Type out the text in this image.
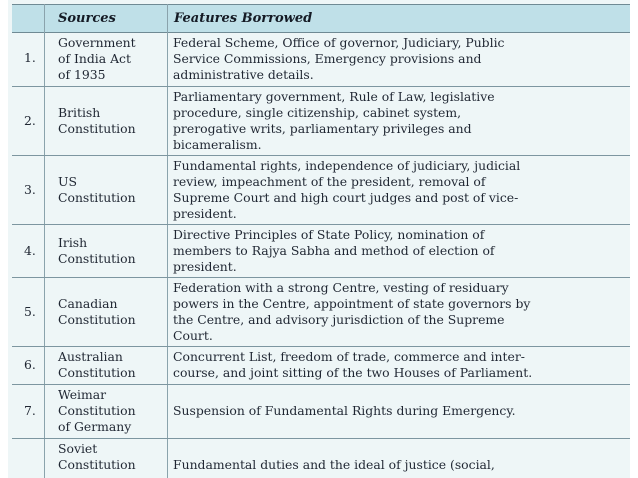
Sources	Features Borrowed
1.
Government
of India Act
of 1935
Federal Scheme, Office of governor, Judiciary, Public
Service Commissions, Emergency provisions and
administrative details.
2.
British
Constitution
Parliamentary government, Rule of Law, legislative
procedure, single citizenship, cabinet system,
prerogative writs, parliamentary privileges and
bicameralism.
3.
US
Constitution
Fundamental rights, independence of judiciary, judicial
review, impeachment of the president, removal of
Supreme Court and high court judges and post of vice-
president.
4.
Irish
Constitution
Directive Principles of State Policy, nomination of
members to Rajya Sabha and method of election of
president.
5.
Canadian
Constitution
Federation with a strong Centre, vesting of residuary
powers in the Centre, appointment of state governors by
the Centre, and advisory jurisdiction of the Supreme
Court.
6.
Australian
Constitution
Concurrent List, freedom of trade, commerce and inter-
course, and joint sitting of the two Houses of Parliament.
7.
Weimar
Constitution
of Germany
Suspension of Fundamental Rights during Emergency.
Soviet
Constitution	Fundamental duties and the ideal of justice (social,
